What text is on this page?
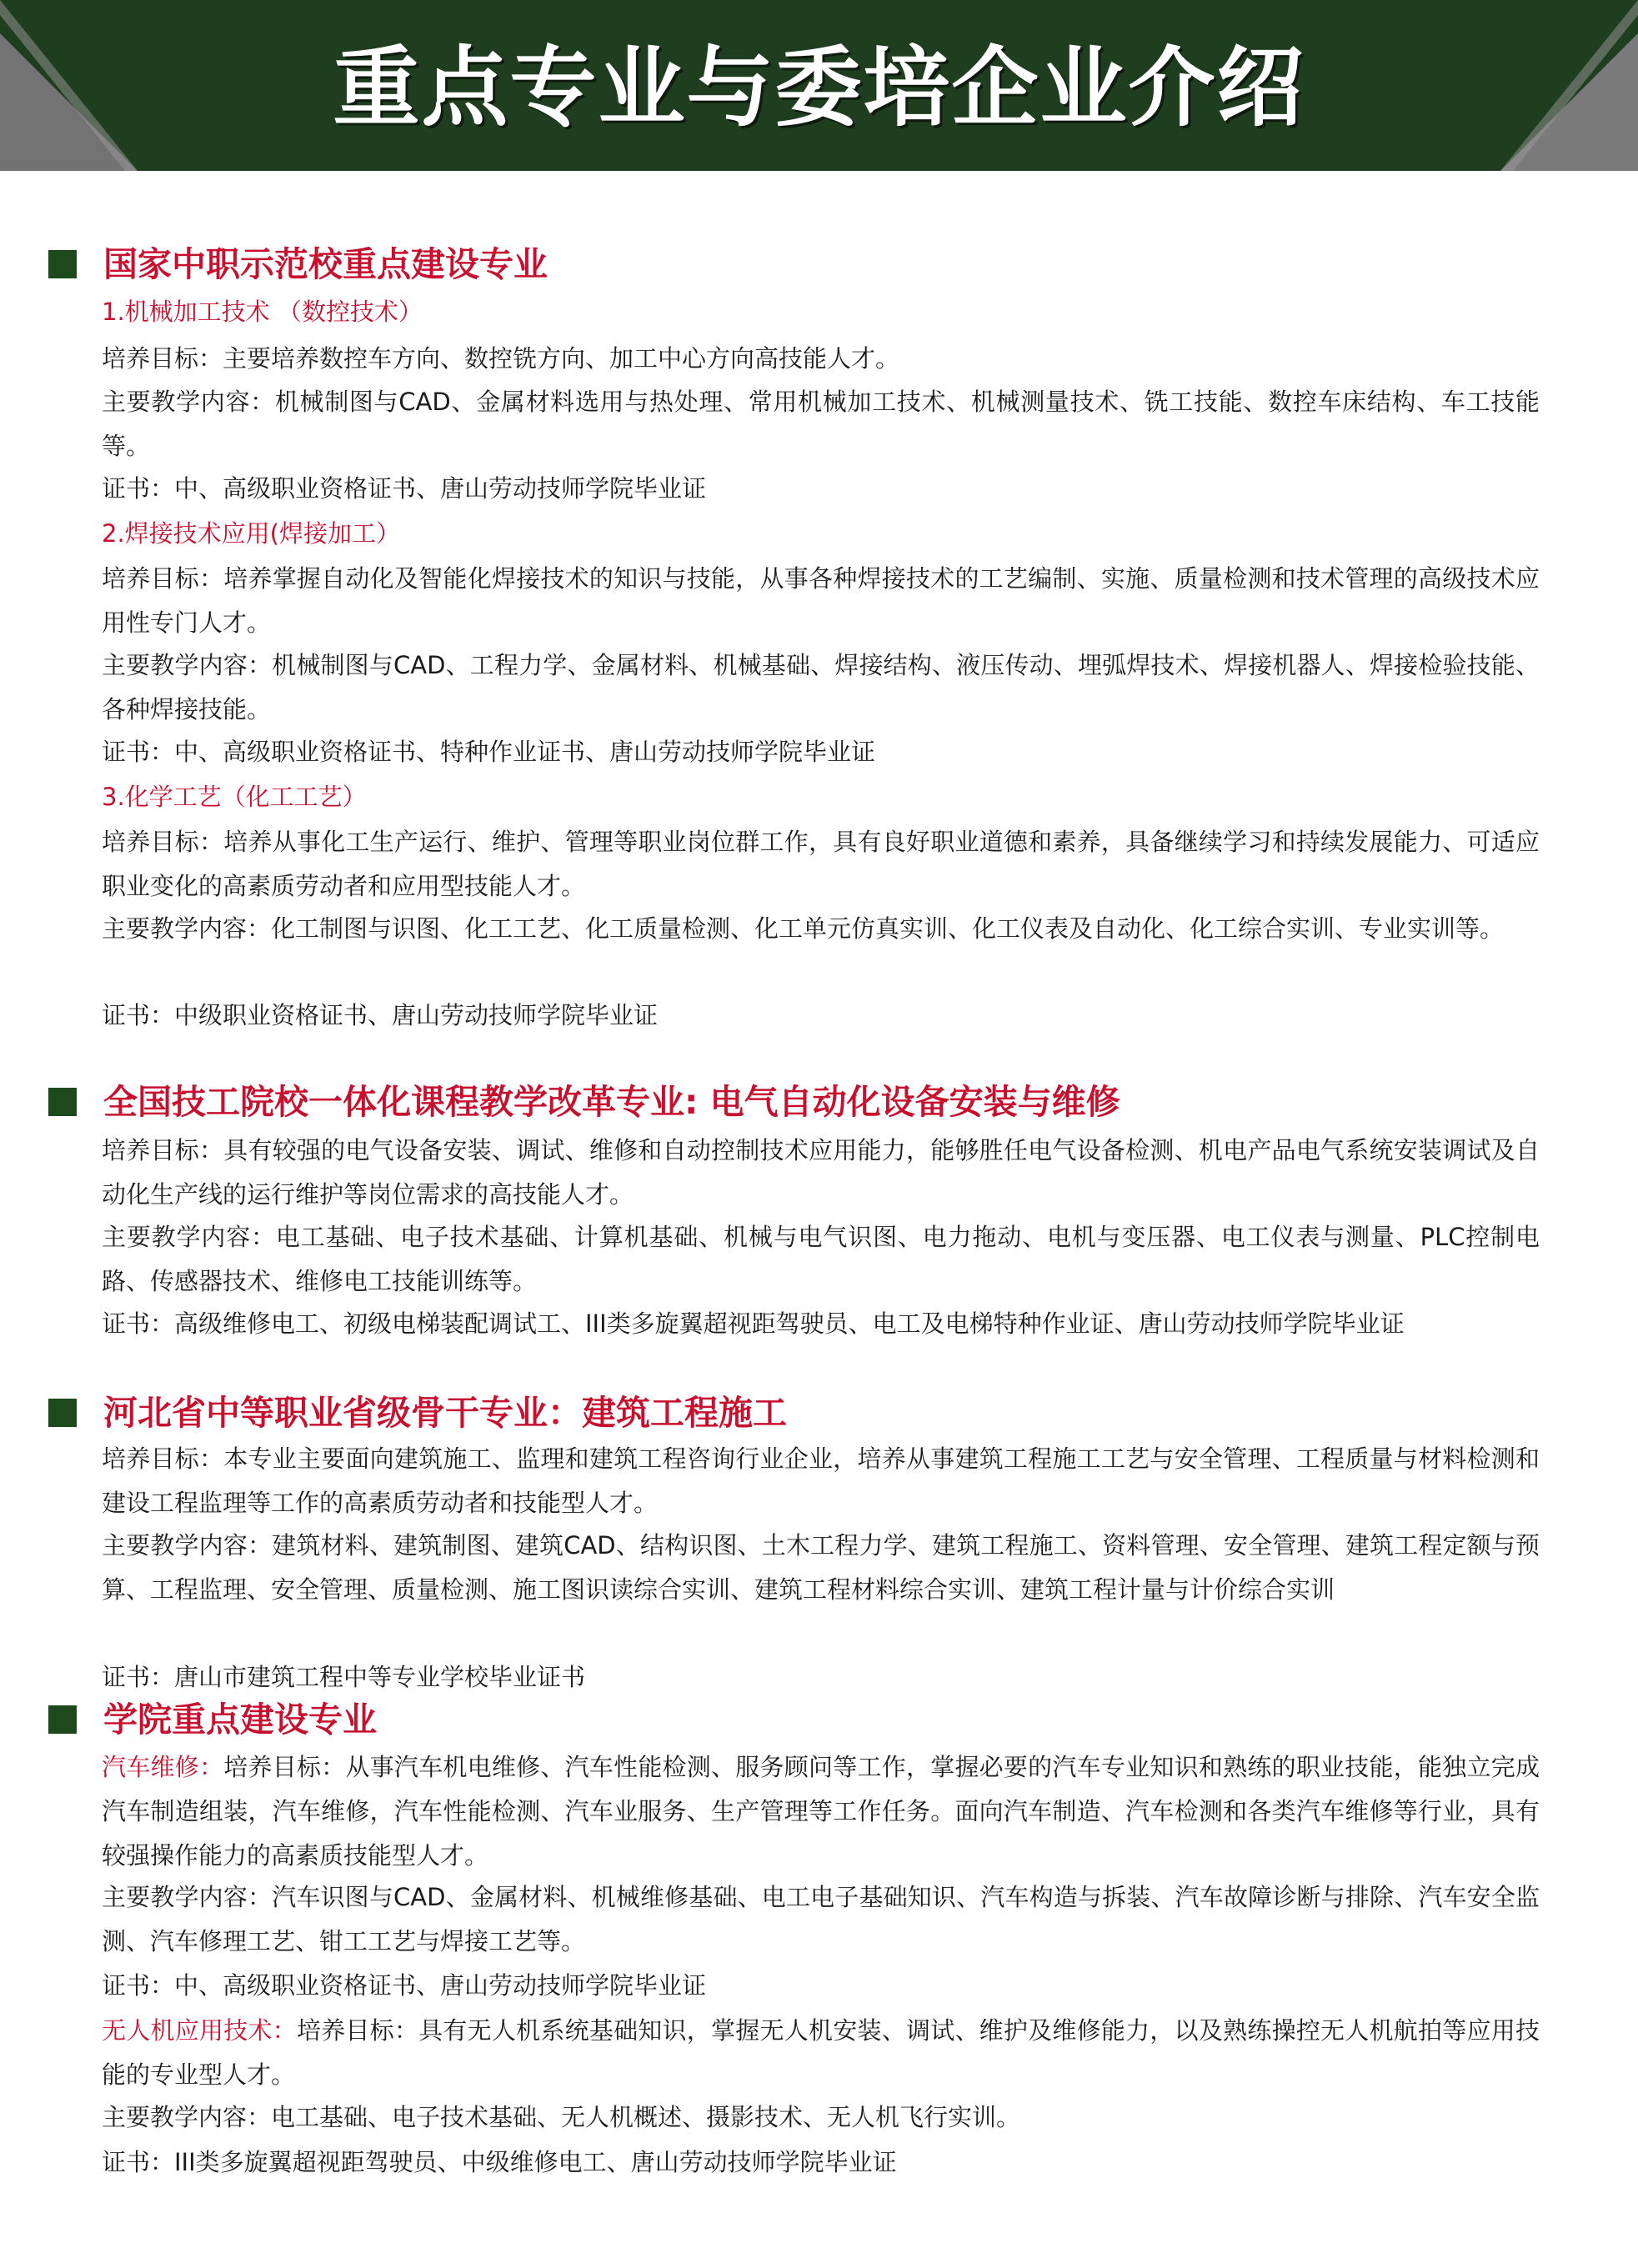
重点专业与委培企业介绍
国家中职示范校重点建设专业
1.机械加工技术 （数控技术）
培养目标：主要培养数控车方向、数控铣方向、加工中心方向高技能人才。
主要教学内容：机械制图与CAD、金属材料选用与热处理、常用机械加工技术、机械测量技术、铣工技能、数控车床结构、车工技能等。
证书：中、高级职业资格证书、唐山劳动技师学院毕业证
2.焊接技术应用(焊接加工）
培养目标：培养掌握自动化及智能化焊接技术的知识与技能，从事各种焊接技术的工艺编制、实施、质量检测和技术管理的高级技术应用性专门人才。
主要教学内容：机械制图与CAD、工程力学、金属材料、机械基础、焊接结构、液压传动、埋弧焊技术、焊接机器人、焊接检验技能、各种焊接技能。
证书：中、高级职业资格证书、特种作业证书、唐山劳动技师学院毕业证
3.化学工艺（化工工艺）
培养目标：培养从事化工生产运行、维护、管理等职业岗位群工作，具有良好职业道德和素养，具备继续学习和持续发展能力、可适应职业变化的高素质劳动者和应用型技能人才。
主要教学内容：化工制图与识图、化工工艺、化工质量检测、化工单元仿真实训、化工仪表及自动化、化工综合实训、专业实训等。
证书：中级职业资格证书、唐山劳动技师学院毕业证
全国技工院校一体化课程教学改革专业: 电气自动化设备安装与维修
培养目标：具有较强的电气设备安装、调试、维修和自动控制技术应用能力，能够胜任电气设备检测、机电产品电气系统安装调试及自动化生产线的运行维护等岗位需求的高技能人才。
主要教学内容：电工基础、电子技术基础、计算机基础、机械与电气识图、电力拖动、电机与变压器、电工仪表与测量、PLC控制电路、传感器技术、维修电工技能训练等。
证书：高级维修电工、初级电梯装配调试工、III类多旋翼超视距驾驶员、电工及电梯特种作业证、唐山劳动技师学院毕业证
河北省中等职业省级骨干专业：建筑工程施工
培养目标：本专业主要面向建筑施工、监理和建筑工程咨询行业企业，培养从事建筑工程施工工艺与安全管理、工程质量与材料检测和建设工程监理等工作的高素质劳动者和技能型人才。
主要教学内容：建筑材料、建筑制图、建筑CAD、结构识图、土木工程力学、建筑工程施工、资料管理、安全管理、建筑工程定额与预算、工程监理、安全管理、质量检测、施工图识读综合实训、建筑工程材料综合实训、建筑工程计量与计价综合实训
证书：唐山市建筑工程中等专业学校毕业证书
学院重点建设专业
汽车维修：培养目标：从事汽车机电维修、汽车性能检测、服务顾问等工作，掌握必要的汽车专业知识和熟练的职业技能，能独立完成汽车制造组装，汽车维修，汽车性能检测、汽车业服务、生产管理等工作任务。面向汽车制造、汽车检测和各类汽车维修等行业，具有较强操作能力的高素质技能型人才。
主要教学内容：汽车识图与CAD、金属材料、机械维修基础、电工电子基础知识、汽车构造与拆装、汽车故障诊断与排除、汽车安全监测、汽车修理工艺、钳工工艺与焊接工艺等。
证书：中、高级职业资格证书、唐山劳动技师学院毕业证
无人机应用技术：培养目标：具有无人机系统基础知识，掌握无人机安装、调试、维护及维修能力，以及熟练操控无人机航拍等应用技能的专业型人才。
主要教学内容：电工基础、电子技术基础、无人机概述、摄影技术、无人机飞行实训。
证书：III类多旋翼超视距驾驶员、中级维修电工、唐山劳动技师学院毕业证
